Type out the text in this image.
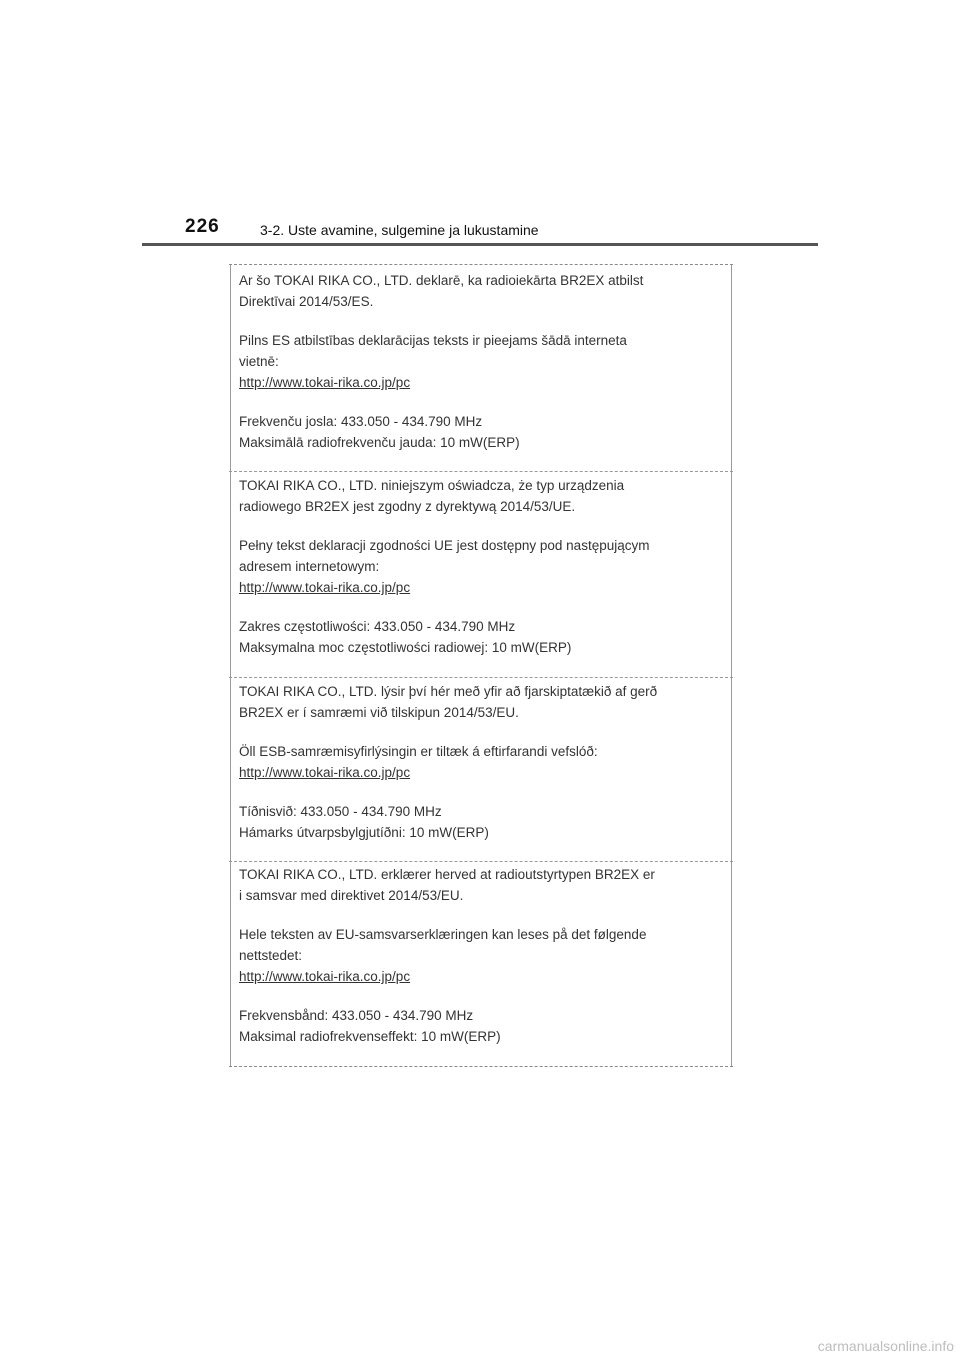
226	3-2. Uste avamine, sulgemine ja lukustamine

Ar šo TOKAI RIKA CO., LTD. deklarē, ka radioiekārta BR2EX atbilst

Direktīvai 2014/53/ES.

Pilns ES atbilstības deklarācijas teksts ir pieejams šādā interneta

vietnē:

http://www.tokai-rika.co.jp/pc

Frekvenču josla: 433.050 - 434.790 MHz

Maksimālā radiofrekvenču jauda: 10 mW(ERP)

TOKAI RIKA CO., LTD. niniejszym oświadcza, że typ urządzenia

radiowego BR2EX jest zgodny z dyrektywą 2014/53/UE.

Pełny tekst deklaracji zgodności UE jest dostępny pod następującym

adresem internetowym:

http://www.tokai-rika.co.jp/pc

Zakres częstotliwości: 433.050 - 434.790 MHz

Maksymalna moc częstotliwości radiowej: 10 mW(ERP)

TOKAI RIKA CO., LTD. lýsir því hér með yfir að fjarskiptatækið af gerð

BR2EX er í samræmi við tilskipun 2014/53/EU.

Öll ESB-samræmisyfirlýsingin er tiltæk á eftirfarandi vefslóð:

http://www.tokai-rika.co.jp/pc

Tíðnisvið: 433.050 - 434.790 MHz

Hámarks útvarpsbylgjutíðni: 10 mW(ERP)

TOKAI RIKA CO., LTD. erklærer herved at radioutstyrtypen BR2EX er

i samsvar med direktivet 2014/53/EU.

Hele teksten av EU-samsvarserklæringen kan leses på det følgende

nettstedet:

http://www.tokai-rika.co.jp/pc

Frekvensbånd: 433.050 - 434.790 MHz

Maksimal radiofrekvenseffekt: 10 mW(ERP)

carmanualsonline.info
